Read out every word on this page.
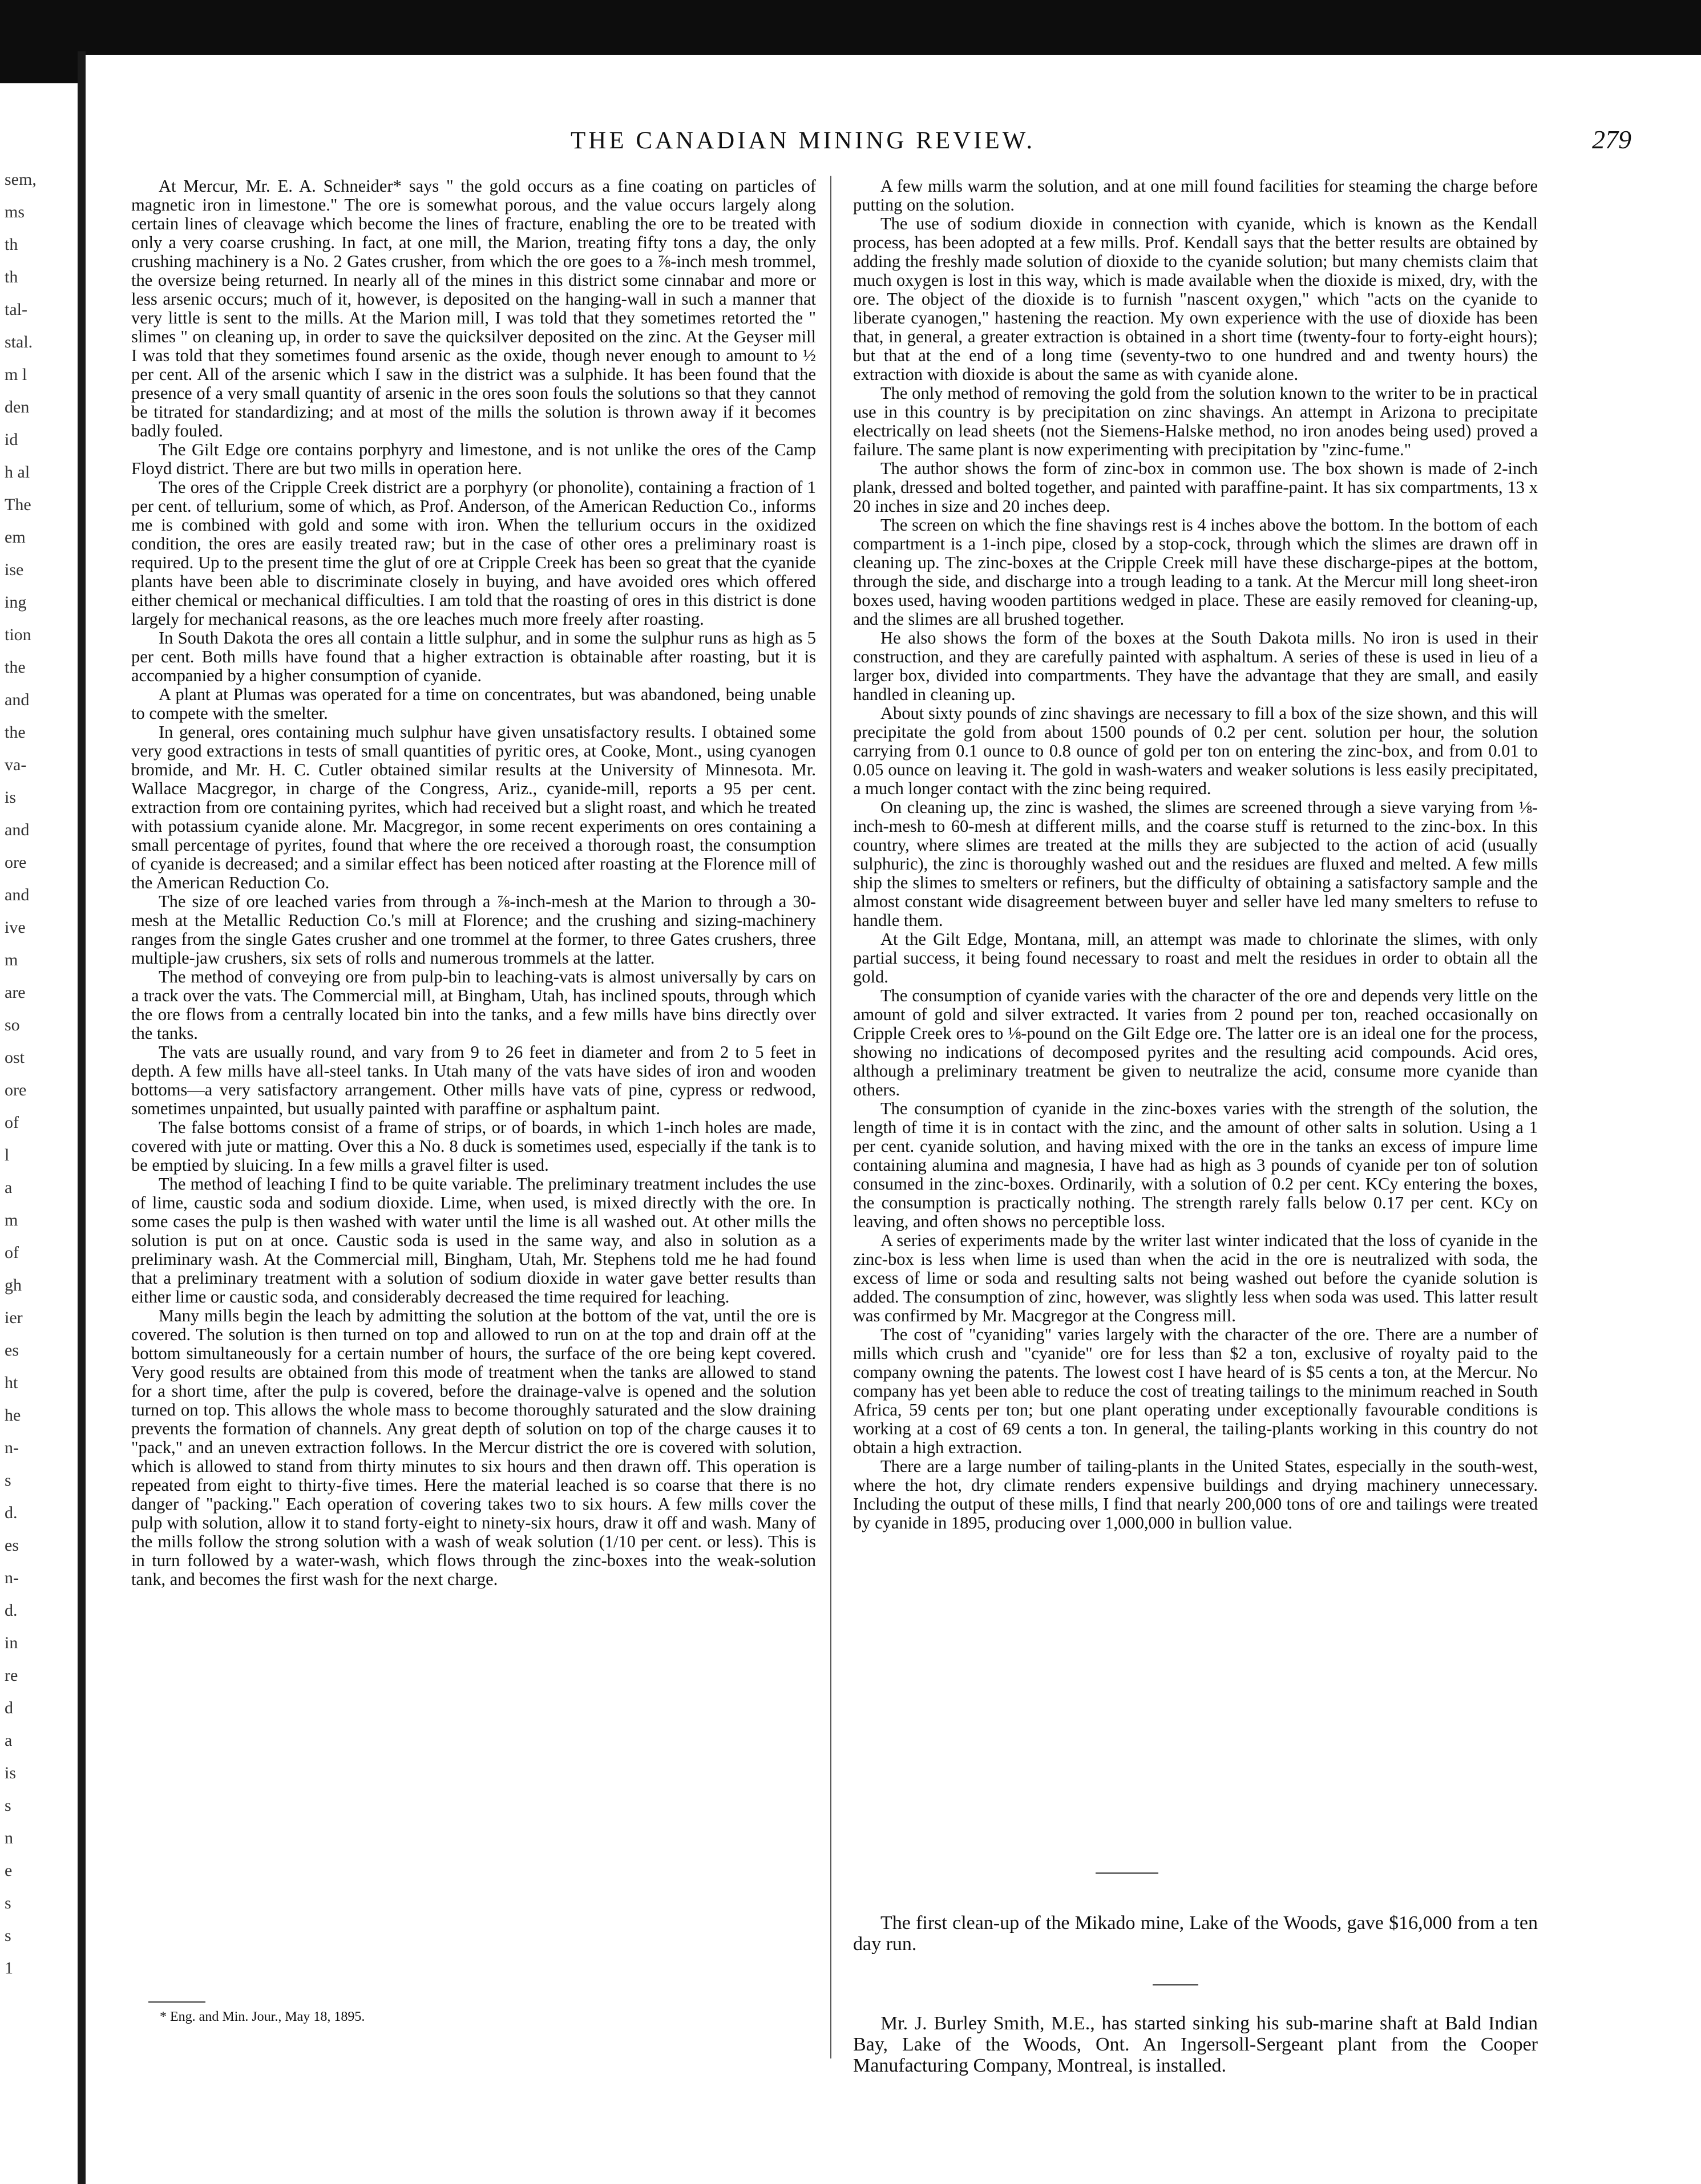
sem,
ms
th
th
tal-
stal.
m l
den
id
h al
The
em
ise
ing
tion
the
and
the
va-
is
and
ore
and
ive
m
are
so
ost
ore
of
l
a
m
of
gh
ier
es
ht
he
n-
s
d.
es
n-
d.
in
re
d
a
is
s
n
e
s
s
1
THE CANADIAN MINING REVIEW.	279

At Mercur, Mr. E. A. Schneider* says " the gold occurs as a fine coating on particles of magnetic iron in limestone." The ore is somewhat porous, and the value occurs largely along certain lines of cleavage which become the lines of fracture, enabling the ore to be treated with only a very coarse crushing. In fact, at one mill, the Marion, treating fifty tons a day, the only crushing machinery is a No. 2 Gates crusher, from which the ore goes to a ⅞-inch mesh trommel, the oversize being returned. In nearly all of the mines in this district some cinnabar and more or less arsenic occurs; much of it, however, is deposited on the hanging-wall in such a manner that very little is sent to the mills. At the Marion mill, I was told that they sometimes retorted the " slimes " on cleaning up, in order to save the quicksilver deposited on the zinc. At the Geyser mill I was told that they sometimes found arsenic as the oxide, though never enough to amount to ½ per cent. All of the arsenic which I saw in the district was a sulphide. It has been found that the presence of a very small quantity of arsenic in the ores soon fouls the solutions so that they cannot be titrated for standardizing; and at most of the mills the solution is thrown away if it becomes badly fouled.

The Gilt Edge ore contains porphyry and limestone, and is not unlike the ores of the Camp Floyd district. There are but two mills in operation here.

The ores of the Cripple Creek district are a porphyry (or phonolite), containing a fraction of 1 per cent. of tellurium, some of which, as Prof. Anderson, of the American Reduction Co., informs me is combined with gold and some with iron. When the tellurium occurs in the oxidized condition, the ores are easily treated raw; but in the case of other ores a preliminary roast is required. Up to the present time the glut of ore at Cripple Creek has been so great that the cyanide plants have been able to discriminate closely in buying, and have avoided ores which offered either chemical or mechanical difficulties. I am told that the roasting of ores in this district is done largely for mechanical reasons, as the ore leaches much more freely after roasting.

In South Dakota the ores all contain a little sulphur, and in some the sulphur runs as high as 5 per cent. Both mills have found that a higher extraction is obtainable after roasting, but it is accompanied by a higher consumption of cyanide.

A plant at Plumas was operated for a time on concentrates, but was abandoned, being unable to compete with the smelter.

In general, ores containing much sulphur have given unsatisfactory results. I obtained some very good extractions in tests of small quantities of pyritic ores, at Cooke, Mont., using cyanogen bromide, and Mr. H. C. Cutler obtained similar results at the University of Minnesota. Mr. Wallace Macgregor, in charge of the Congress, Ariz., cyanide-mill, reports a 95 per cent. extraction from ore containing pyrites, which had received but a slight roast, and which he treated with potassium cyanide alone. Mr. Macgregor, in some recent experiments on ores containing a small percentage of pyrites, found that where the ore received a thorough roast, the consumption of cyanide is decreased; and a similar effect has been noticed after roasting at the Florence mill of the American Reduction Co.

The size of ore leached varies from through a ⅞-inch-mesh at the Marion to through a 30-mesh at the Metallic Reduction Co.'s mill at Florence; and the crushing and sizing-machinery ranges from the single Gates crusher and one trommel at the former, to three Gates crushers, three multiple-jaw crushers, six sets of rolls and numerous trommels at the latter.

The method of conveying ore from pulp-bin to leaching-vats is almost universally by cars on a track over the vats. The Commercial mill, at Bingham, Utah, has inclined spouts, through which the ore flows from a centrally located bin into the tanks, and a few mills have bins directly over the tanks.

The vats are usually round, and vary from 9 to 26 feet in diameter and from 2 to 5 feet in depth. A few mills have all-steel tanks. In Utah many of the vats have sides of iron and wooden bottoms—a very satisfactory arrangement. Other mills have vats of pine, cypress or redwood, sometimes unpainted, but usually painted with paraffine or asphaltum paint.

The false bottoms consist of a frame of strips, or of boards, in which 1-inch holes are made, covered with jute or matting. Over this a No. 8 duck is sometimes used, especially if the tank is to be emptied by sluicing. In a few mills a gravel filter is used.

The method of leaching I find to be quite variable. The preliminary treatment includes the use of lime, caustic soda and sodium dioxide. Lime, when used, is mixed directly with the ore. In some cases the pulp is then washed with water until the lime is all washed out. At other mills the solution is put on at once. Caustic soda is used in the same way, and also in solution as a preliminary wash. At the Commercial mill, Bingham, Utah, Mr. Stephens told me he had found that a preliminary treatment with a solution of sodium dioxide in water gave better results than either lime or caustic soda, and considerably decreased the time required for leaching.

Many mills begin the leach by admitting the solution at the bottom of the vat, until the ore is covered. The solution is then turned on top and allowed to run on at the top and drain off at the bottom simultaneously for a certain number of hours, the surface of the ore being kept covered. Very good results are obtained from this mode of treatment when the tanks are allowed to stand for a short time, after the pulp is covered, before the drainage-valve is opened and the solution turned on top. This allows the whole mass to become thoroughly saturated and the slow draining prevents the formation of channels. Any great depth of solution on top of the charge causes it to "pack," and an uneven extraction follows. In the Mercur district the ore is covered with solution, which is allowed to stand from thirty minutes to six hours and then drawn off. This operation is repeated from eight to thirty-five times. Here the material leached is so coarse that there is no danger of "packing." Each operation of covering takes two to six hours. A few mills cover the pulp with solution, allow it to stand forty-eight to ninety-six hours, draw it off and wash. Many of the mills follow the strong solution with a wash of weak solution (1/10 per cent. or less). This is in turn followed by a water-wash, which flows through the zinc-boxes into the weak-solution tank, and becomes the first wash for the next charge.

A few mills warm the solution, and at one mill found facilities for steaming the charge before putting on the solution.

The use of sodium dioxide in connection with cyanide, which is known as the Kendall process, has been adopted at a few mills. Prof. Kendall says that the better results are obtained by adding the freshly made solution of dioxide to the cyanide solution; but many chemists claim that much oxygen is lost in this way, which is made available when the dioxide is mixed, dry, with the ore. The object of the dioxide is to furnish "nascent oxygen," which "acts on the cyanide to liberate cyanogen," hastening the reaction. My own experience with the use of dioxide has been that, in general, a greater extraction is obtained in a short time (twenty-four to forty-eight hours); but that at the end of a long time (seventy-two to one hundred and and twenty hours) the extraction with dioxide is about the same as with cyanide alone.

The only method of removing the gold from the solution known to the writer to be in practical use in this country is by precipitation on zinc shavings. An attempt in Arizona to precipitate electrically on lead sheets (not the Siemens-Halske method, no iron anodes being used) proved a failure. The same plant is now experimenting with precipitation by "zinc-fume."

The author shows the form of zinc-box in common use. The box shown is made of 2-inch plank, dressed and bolted together, and painted with paraffine-paint. It has six compartments, 13 x 20 inches in size and 20 inches deep.

The screen on which the fine shavings rest is 4 inches above the bottom. In the bottom of each compartment is a 1-inch pipe, closed by a stop-cock, through which the slimes are drawn off in cleaning up. The zinc-boxes at the Cripple Creek mill have these discharge-pipes at the bottom, through the side, and discharge into a trough leading to a tank. At the Mercur mill long sheet-iron boxes used, having wooden partitions wedged in place. These are easily removed for cleaning-up, and the slimes are all brushed together.

He also shows the form of the boxes at the South Dakota mills. No iron is used in their construction, and they are carefully painted with asphaltum. A series of these is used in lieu of a larger box, divided into compartments. They have the advantage that they are small, and easily handled in cleaning up.

About sixty pounds of zinc shavings are necessary to fill a box of the size shown, and this will precipitate the gold from about 1500 pounds of 0.2 per cent. solution per hour, the solution carrying from 0.1 ounce to 0.8 ounce of gold per ton on entering the zinc-box, and from 0.01 to 0.05 ounce on leaving it. The gold in wash-waters and weaker solutions is less easily precipitated, a much longer contact with the zinc being required.

On cleaning up, the zinc is washed, the slimes are screened through a sieve varying from ⅛-inch-mesh to 60-mesh at different mills, and the coarse stuff is returned to the zinc-box. In this country, where slimes are treated at the mills they are subjected to the action of acid (usually sulphuric), the zinc is thoroughly washed out and the residues are fluxed and melted. A few mills ship the slimes to smelters or refiners, but the difficulty of obtaining a satisfactory sample and the almost constant wide disagreement between buyer and seller have led many smelters to refuse to handle them.

At the Gilt Edge, Montana, mill, an attempt was made to chlorinate the slimes, with only partial success, it being found necessary to roast and melt the residues in order to obtain all the gold.

The consumption of cyanide varies with the character of the ore and depends very little on the amount of gold and silver extracted. It varies from 2 pound per ton, reached occasionally on Cripple Creek ores to ⅛-pound on the Gilt Edge ore. The latter ore is an ideal one for the process, showing no indications of decomposed pyrites and the resulting acid compounds. Acid ores, although a preliminary treatment be given to neutralize the acid, consume more cyanide than others.

The consumption of cyanide in the zinc-boxes varies with the strength of the solution, the length of time it is in contact with the zinc, and the amount of other salts in solution. Using a 1 per cent. cyanide solution, and having mixed with the ore in the tanks an excess of impure lime containing alumina and magnesia, I have had as high as 3 pounds of cyanide per ton of solution consumed in the zinc-boxes. Ordinarily, with a solution of 0.2 per cent. KCy entering the boxes, the consumption is practically nothing. The strength rarely falls below 0.17 per cent. KCy on leaving, and often shows no perceptible loss.

A series of experiments made by the writer last winter indicated that the loss of cyanide in the zinc-box is less when lime is used than when the acid in the ore is neutralized with soda, the excess of lime or soda and resulting salts not being washed out before the cyanide solution is added. The consumption of zinc, however, was slightly less when soda was used. This latter result was confirmed by Mr. Macgregor at the Congress mill.

The cost of "cyaniding" varies largely with the character of the ore. There are a number of mills which crush and "cyanide" ore for less than $2 a ton, exclusive of royalty paid to the company owning the patents. The lowest cost I have heard of is $5 cents a ton, at the Mercur. No company has yet been able to reduce the cost of treating tailings to the minimum reached in South Africa, 59 cents per ton; but one plant operating under exceptionally favourable conditions is working at a cost of 69 cents a ton. In general, the tailing-plants working in this country do not obtain a high extraction.

There are a large number of tailing-plants in the United States, especially in the south-west, where the hot, dry climate renders expensive buildings and drying machinery unnecessary. Including the output of these mills, I find that nearly 200,000 tons of ore and tailings were treated by cyanide in 1895, producing over 1,000,000 in bullion value.

* Eng. and Min. Jour., May 18, 1895.

The first clean-up of the Mikado mine, Lake of the Woods, gave $16,000 from a ten day run.

Mr. J. Burley Smith, M.E., has started sinking his sub-marine shaft at Bald Indian Bay, Lake of the Woods, Ont. An Ingersoll-Sergeant plant from the Cooper Manufacturing Company, Montreal, is installed.
